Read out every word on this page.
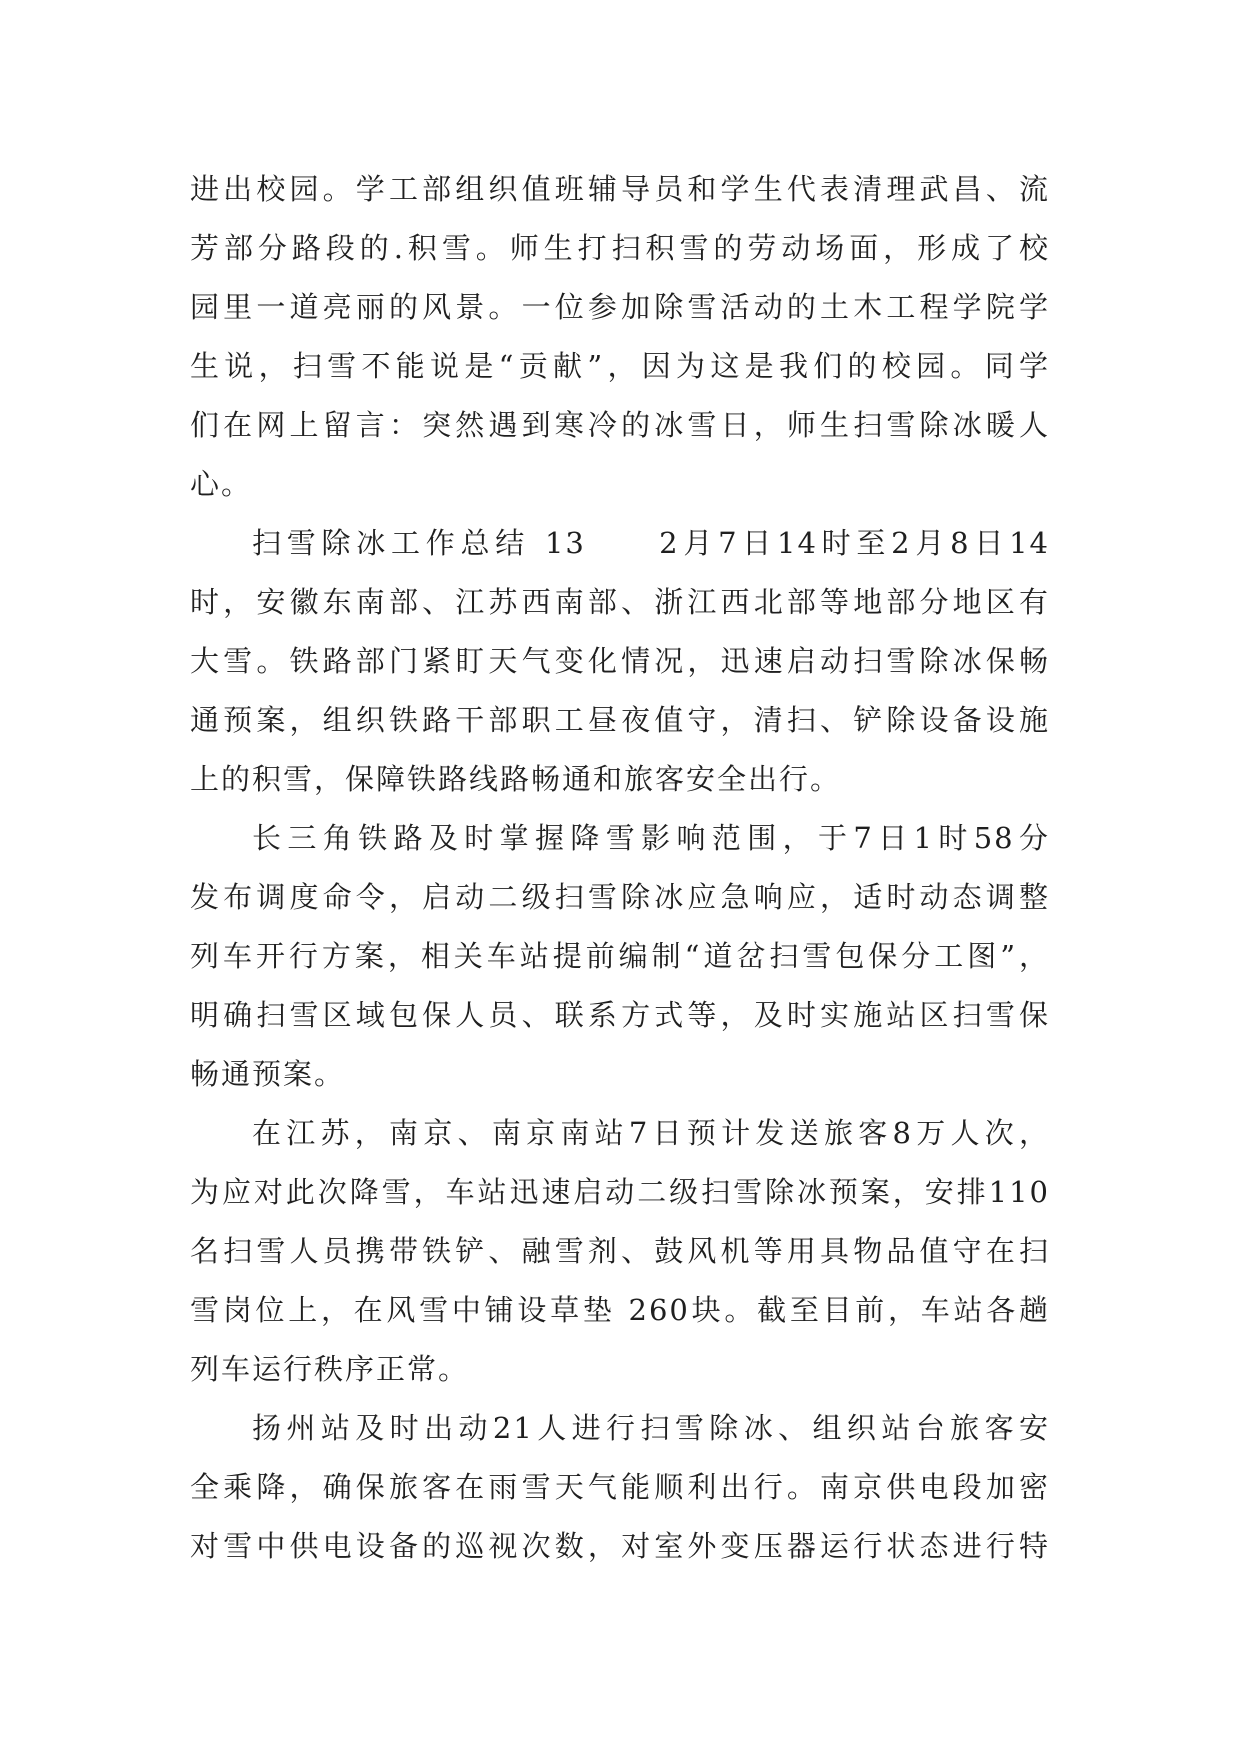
进出校园。学工部组织值班辅导员和学生代表清理武昌、流
芳部分路段的.积雪。师生打扫积雪的劳动场面，形成了校
园里一道亮丽的风景。一位参加除雪活动的土木工程学院学
生说，扫雪不能说是“贡献”，因为这是我们的校园。同学
们在网上留言：突然遇到寒冷的冰雪日，师生扫雪除冰暖人
心。
扫雪除冰工作总结 13　　2月7日14时至2月8日14
时，安徽东南部、江苏西南部、浙江西北部等地部分地区有
大雪。铁路部门紧盯天气变化情况，迅速启动扫雪除冰保畅
通预案，组织铁路干部职工昼夜值守，清扫、铲除设备设施
上的积雪，保障铁路线路畅通和旅客安全出行。
长三角铁路及时掌握降雪影响范围，于7日1时58分
发布调度命令，启动二级扫雪除冰应急响应，适时动态调整
列车开行方案，相关车站提前编制“道岔扫雪包保分工图”，
明确扫雪区域包保人员、联系方式等，及时实施站区扫雪保
畅通预案。
在江苏，南京、南京南站7日预计发送旅客8万人次，
为应对此次降雪，车站迅速启动二级扫雪除冰预案，安排110
名扫雪人员携带铁铲、融雪剂、鼓风机等用具物品值守在扫
雪岗位上，在风雪中铺设草垫 260块。截至目前，车站各趟
列车运行秩序正常。
扬州站及时出动21人进行扫雪除冰、组织站台旅客安
全乘降，确保旅客在雨雪天气能顺利出行。南京供电段加密
对雪中供电设备的巡视次数，对室外变压器运行状态进行特
